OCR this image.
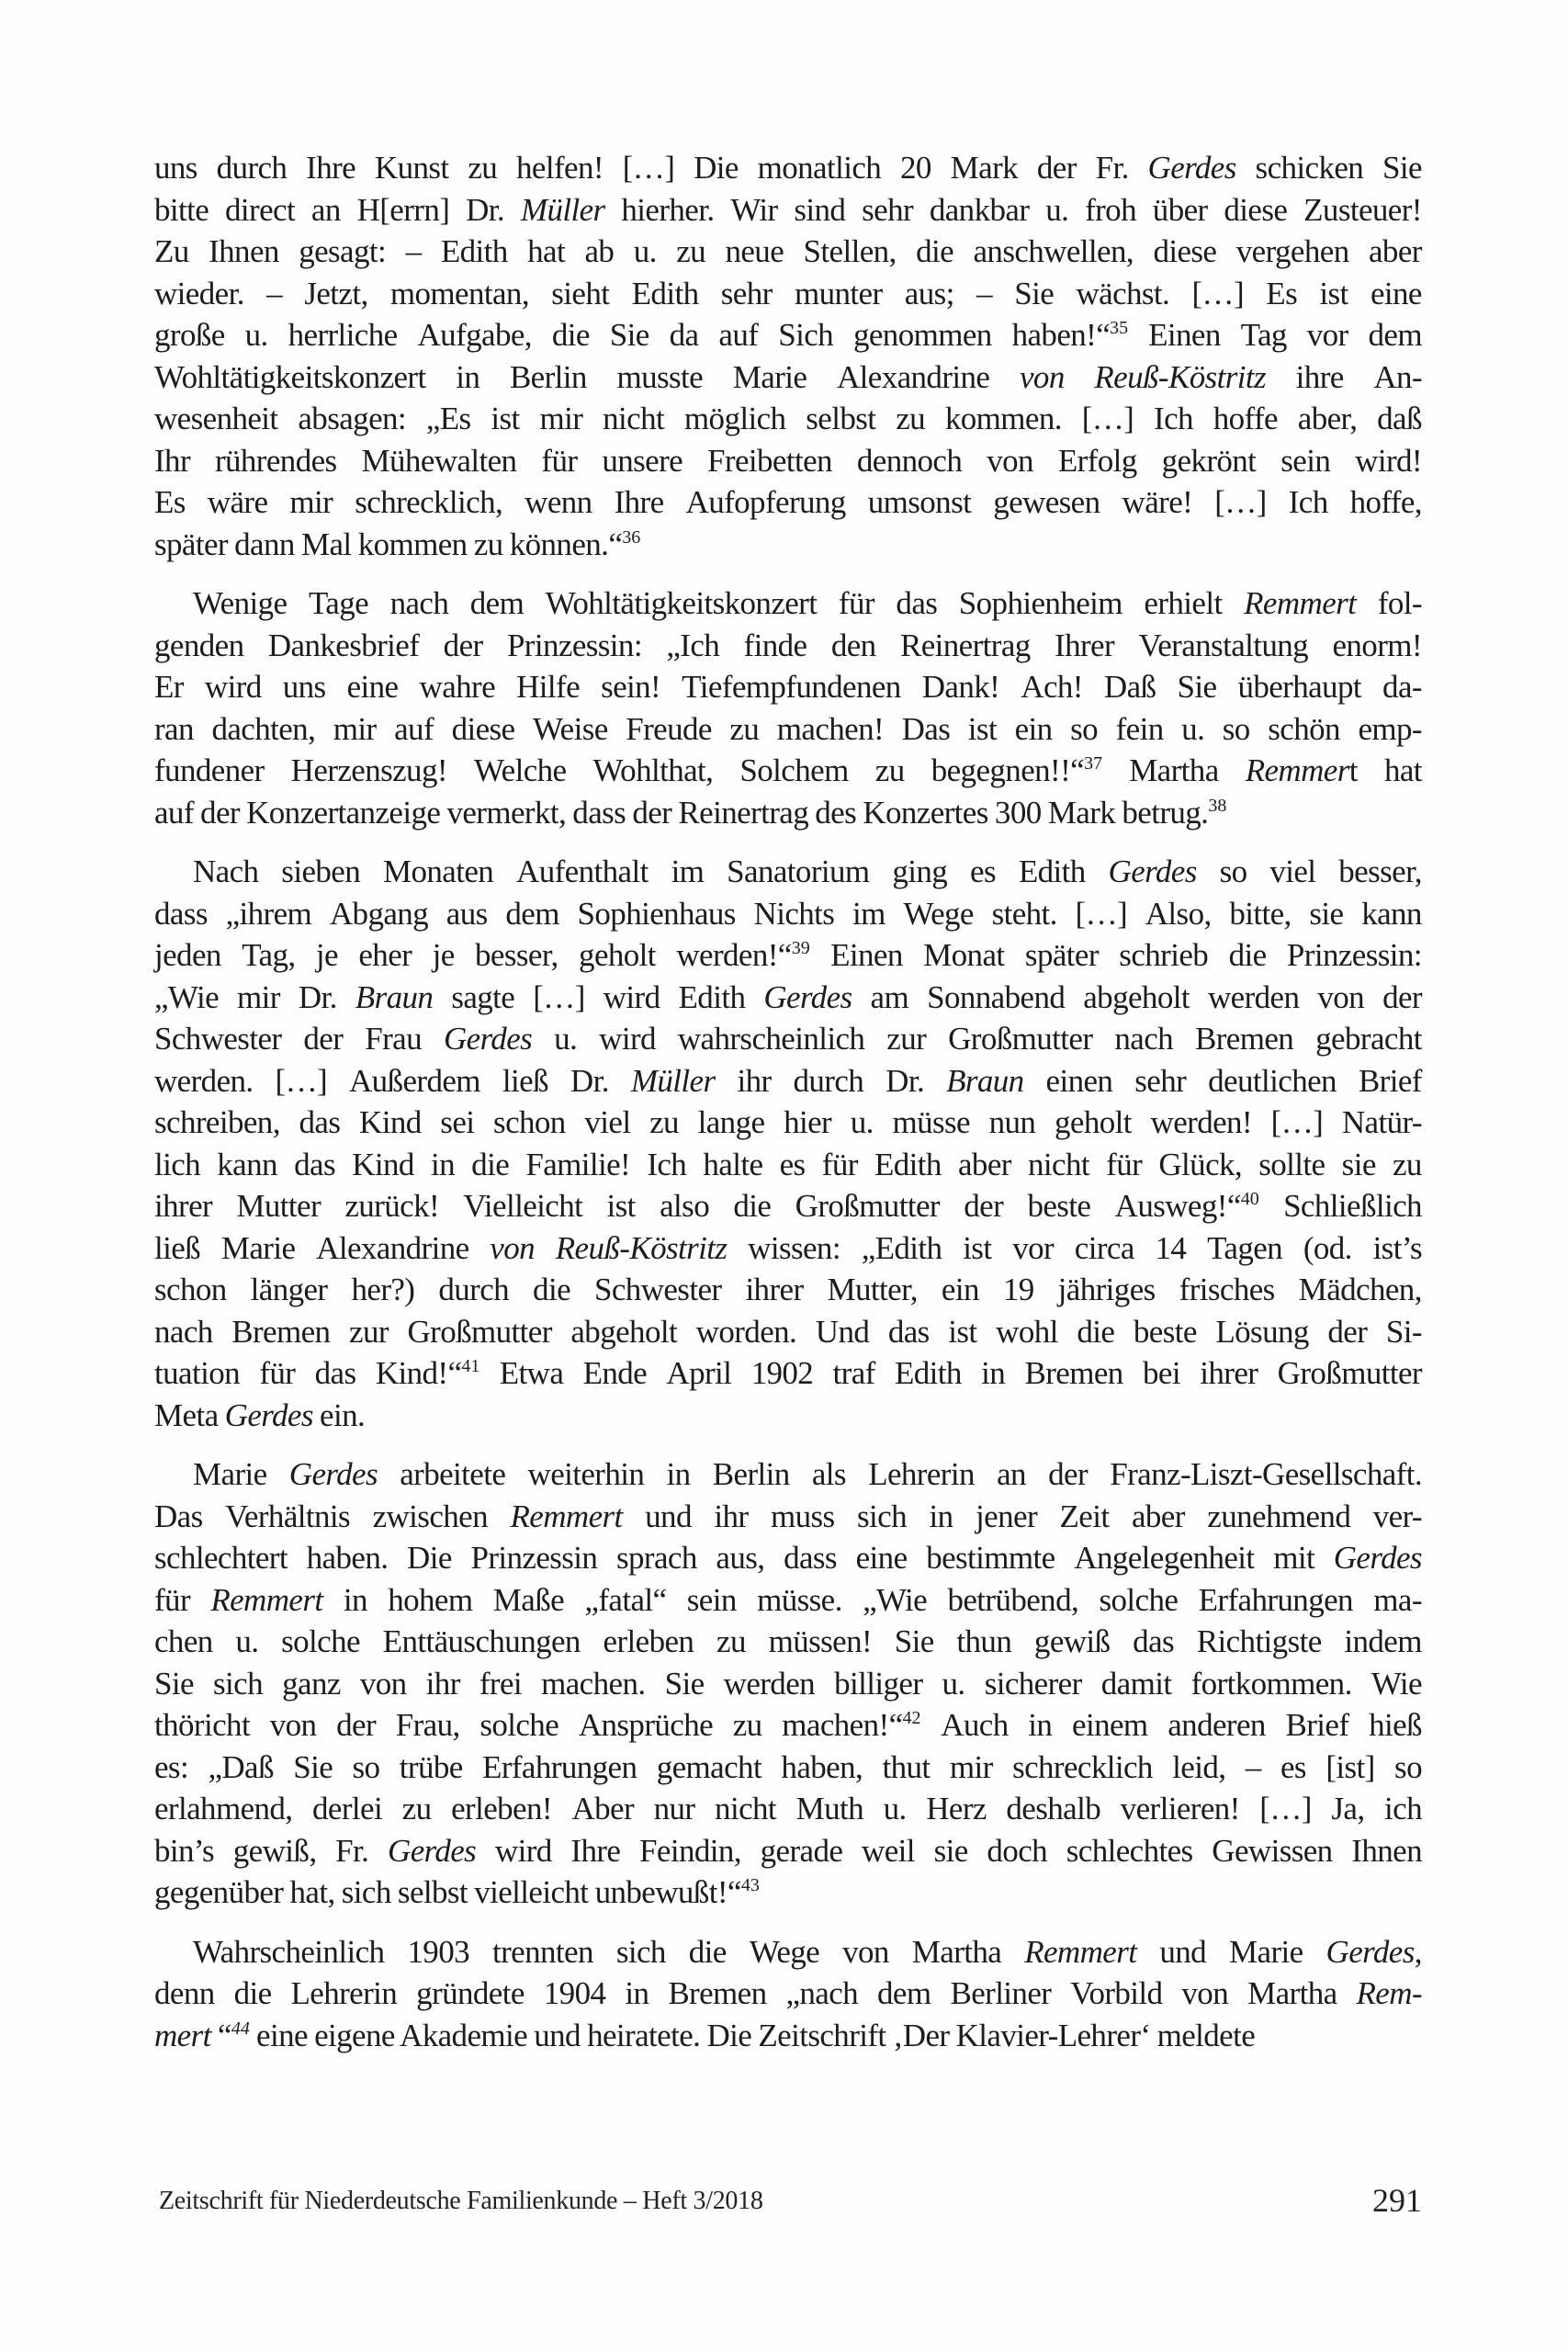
uns durch Ihre Kunst zu helfen! […] Die monatlich 20 Mark der Fr. Gerdes schicken Sie
bitte direct an H[errn] Dr. Müller hierher. Wir sind sehr dankbar u. froh über diese Zusteuer!
Zu Ihnen gesagt: – Edith hat ab u. zu neue Stellen, die anschwellen, diese vergehen aber
wieder. – Jetzt, momentan, sieht Edith sehr munter aus; – Sie wächst. […] Es ist eine
große u. herrliche Aufgabe, die Sie da auf Sich genommen haben!“$^{35}$ Einen Tag vor dem
Wohltätigkeitskonzert in Berlin musste Marie Alexandrine von Reuß-Köstritz ihre An-
wesenheit absagen: „Es ist mir nicht möglich selbst zu kommen. […] Ich hoffe aber, daß
Ihr rührendes Mühewalten für unsere Freibetten dennoch von Erfolg gekrönt sein wird!
Es wäre mir schrecklich, wenn Ihre Aufopferung umsonst gewesen wäre! […] Ich hoffe,
später dann Mal kommen zu können.“$^{36}$
Wenige Tage nach dem Wohltätigkeitskonzert für das Sophienheim erhielt Remmert fol-
genden Dankesbrief der Prinzessin: „Ich finde den Reinertrag Ihrer Veranstaltung enorm!
Er wird uns eine wahre Hilfe sein! Tiefempfundenen Dank! Ach! Daß Sie überhaupt da-
ran dachten, mir auf diese Weise Freude zu machen! Das ist ein so fein u. so schön emp-
fundener Herzenszug! Welche Wohlthat, Solchem zu begegnen!!“$^{37}$ Martha Remmert hat
auf der Konzertanzeige vermerkt, dass der Reinertrag des Konzertes 300 Mark betrug.$^{38}$
Nach sieben Monaten Aufenthalt im Sanatorium ging es Edith Gerdes so viel besser,
dass „ihrem Abgang aus dem Sophienhaus Nichts im Wege steht. […] Also, bitte, sie kann
jeden Tag, je eher je besser, geholt werden!“$^{39}$ Einen Monat später schrieb die Prinzessin:
„Wie mir Dr. Braun sagte […] wird Edith Gerdes am Sonnabend abgeholt werden von der
Schwester der Frau Gerdes u. wird wahrscheinlich zur Großmutter nach Bremen gebracht
werden. […] Außerdem ließ Dr. Müller ihr durch Dr. Braun einen sehr deutlichen Brief
schreiben, das Kind sei schon viel zu lange hier u. müsse nun geholt werden! […] Natür-
lich kann das Kind in die Familie! Ich halte es für Edith aber nicht für Glück, sollte sie zu
ihrer Mutter zurück! Vielleicht ist also die Großmutter der beste Ausweg!“$^{40}$ Schließlich
ließ Marie Alexandrine von Reuß-Köstritz wissen: „Edith ist vor circa 14 Tagen (od. ist’s
schon länger her?) durch die Schwester ihrer Mutter, ein 19 jähriges frisches Mädchen,
nach Bremen zur Großmutter abgeholt worden. Und das ist wohl die beste Lösung der Si-
tuation für das Kind!“$^{41}$ Etwa Ende April 1902 traf Edith in Bremen bei ihrer Großmutter
Meta Gerdes ein.
Marie Gerdes arbeitete weiterhin in Berlin als Lehrerin an der Franz-Liszt-Gesellschaft.
Das Verhältnis zwischen Remmert und ihr muss sich in jener Zeit aber zunehmend ver-
schlechtert haben. Die Prinzessin sprach aus, dass eine bestimmte Angelegenheit mit Gerdes
für Remmert in hohem Maße „fatal“ sein müsse. „Wie betrübend, solche Erfahrungen ma-
chen u. solche Enttäuschungen erleben zu müssen! Sie thun gewiß das Richtigste indem
Sie sich ganz von ihr frei machen. Sie werden billiger u. sicherer damit fortkommen. Wie
thöricht von der Frau, solche Ansprüche zu machen!“$^{42}$ Auch in einem anderen Brief hieß
es: „Daß Sie so trübe Erfahrungen gemacht haben, thut mir schrecklich leid, – es [ist] so
erlahmend, derlei zu erleben! Aber nur nicht Muth u. Herz deshalb verlieren! […] Ja, ich
bin’s gewiß, Fr. Gerdes wird Ihre Feindin, gerade weil sie doch schlechtes Gewissen Ihnen
gegenüber hat, sich selbst vielleicht unbewußt!“$^{43}$
Wahrscheinlich 1903 trennten sich die Wege von Martha Remmert und Marie Gerdes,
denn die Lehrerin gründete 1904 in Bremen „nach dem Berliner Vorbild von Martha Rem-
mert “$^{44}$ eine eigene Akademie und heiratete. Die Zeitschrift ‚Der Klavier-Lehrer‘ meldete
Zeitschrift für Niederdeutsche Familienkunde – Heft 3/2018	291
